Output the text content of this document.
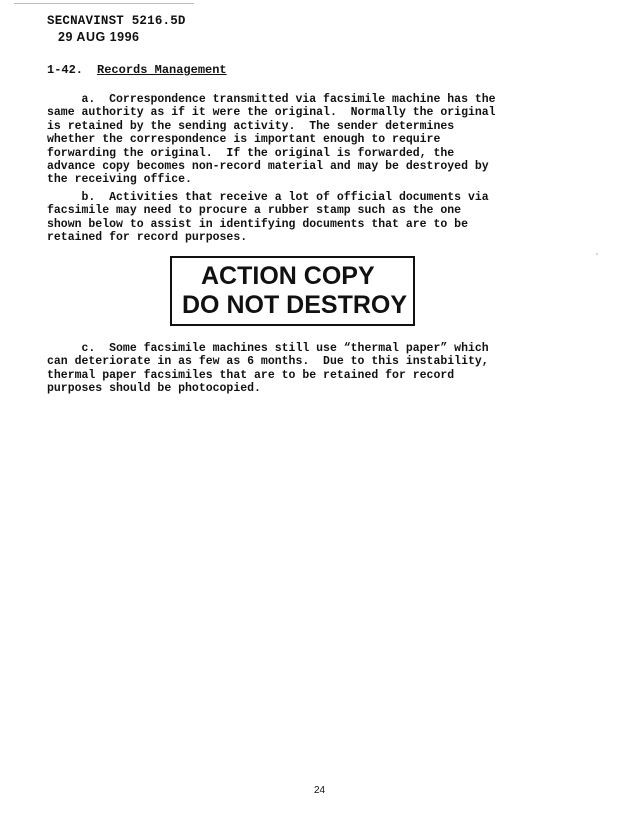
SECNAVINST 5216.5D
29 AUG 1996
1-42. Records Management

a.  Correspondence transmitted via facsimile machine has the
same authority as if it were the original.  Normally the original
is retained by the sending activity.  The sender determines
whether the correspondence is important enough to require
forwarding the original.  If the original is forwarded, the
advance copy becomes non-record material and may be destroyed by
the receiving office.

b.  Activities that receive a lot of official documents via
facsimile may need to procure a rubber stamp such as the one
shown below to assist in identifying documents that are to be
retained for record purposes.

ACTION COPY
DO NOT DESTROY

c.  Some facsimile machines still use “thermal paper” which
can deteriorate in as few as 6 months.  Due to this instability,
thermal paper facsimiles that are to be retained for record
purposes should be photocopied.

24
